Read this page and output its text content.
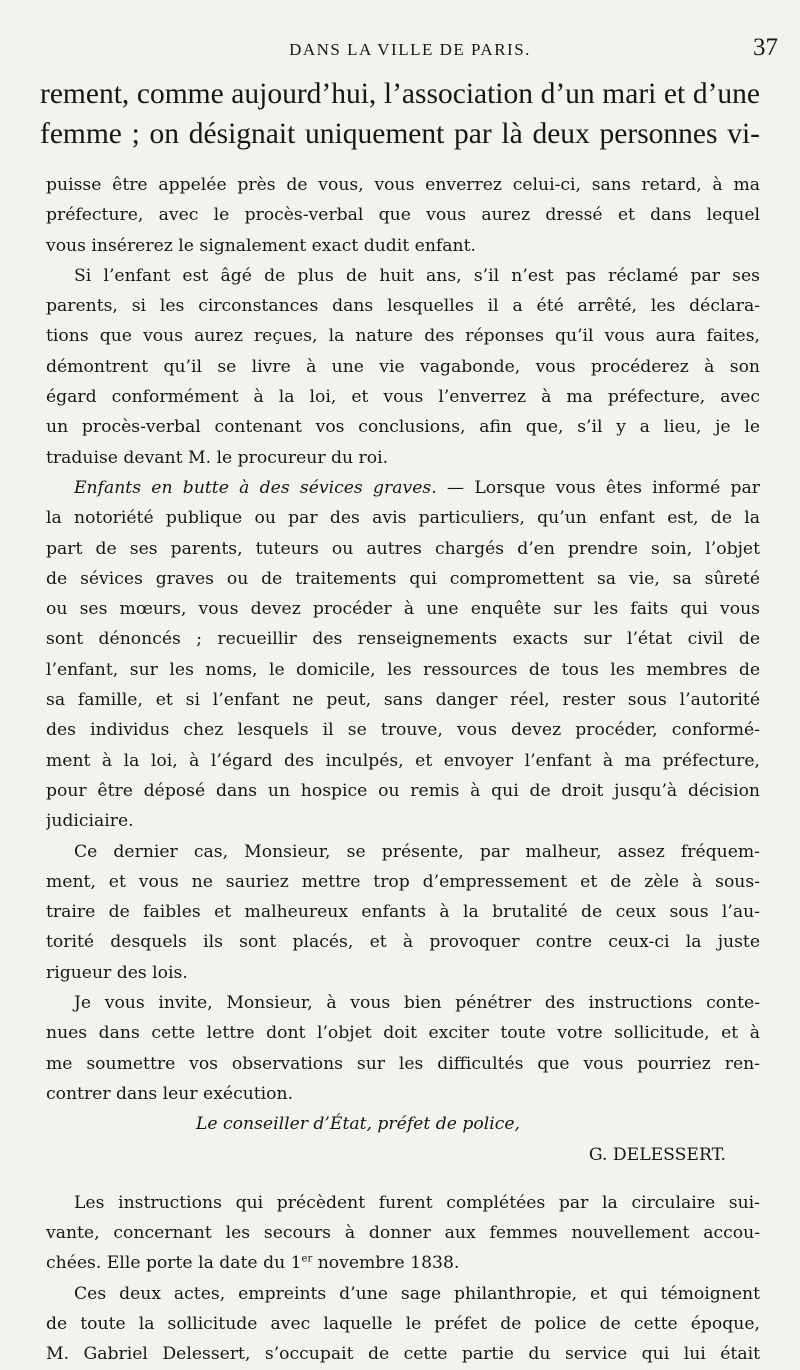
DANS LA VILLE DE PARIS.	37
rement, comme aujourd’hui, l’association d’un mari et d’une
femme ; on désignait uniquement par là deux personnes vi-
puisse être appelée près de vous, vous enverrez celui-ci, sans retard, à ma
préfecture, avec le procès-verbal que vous aurez dressé et dans lequel
vous insérerez le signalement exact dudit enfant.
Si l’enfant est âgé de plus de huit ans, s’il n’est pas réclamé par ses
parents, si les circonstances dans lesquelles il a été arrêté, les déclara-
tions que vous aurez reçues, la nature des réponses qu’il vous aura faites,
démontrent qu’il se livre à une vie vagabonde, vous procéderez à son
égard conformément à la loi, et vous l’enverrez à ma préfecture, avec
un procès-verbal contenant vos conclusions, afin que, s’il y a lieu, je le
traduise devant M. le procureur du roi.
Enfants en butte à des sévices graves. — Lorsque vous êtes informé par
la notoriété publique ou par des avis particuliers, qu’un enfant est, de la
part de ses parents, tuteurs ou autres chargés d’en prendre soin, l’objet
de sévices graves ou de traitements qui compromettent sa vie, sa sûreté
ou ses mœurs, vous devez procéder à une enquête sur les faits qui vous
sont dénoncés ; recueillir des renseignements exacts sur l’état civil de
l’enfant, sur les noms, le domicile, les ressources de tous les membres de
sa famille, et si l’enfant ne peut, sans danger réel, rester sous l’autorité
des individus chez lesquels il se trouve, vous devez procéder, conformé-
ment à la loi, à l’égard des inculpés, et envoyer l’enfant à ma préfecture,
pour être déposé dans un hospice ou remis à qui de droit jusqu’à décision
judiciaire.
Ce dernier cas, Monsieur, se présente, par malheur, assez fréquem-
ment, et vous ne sauriez mettre trop d’empressement et de zèle à sous-
traire de faibles et malheureux enfants à la brutalité de ceux sous l’au-
torité desquels ils sont placés, et à provoquer contre ceux-ci la juste
rigueur des lois.
Je vous invite, Monsieur, à vous bien pénétrer des instructions conte-
nues dans cette lettre dont l’objet doit exciter toute votre sollicitude, et à
me soumettre vos observations sur les difficultés que vous pourriez ren-
contrer dans leur exécution.
Le conseiller d’État, préfet de police,
G. DELESSERT.
Les instructions qui précèdent furent complétées par la circulaire sui-
vante, concernant les secours à donner aux femmes nouvellement accou-
chées. Elle porte la date du 1er novembre 1838.
Ces deux actes, empreints d’une sage philanthropie, et qui témoignent
de toute la sollicitude avec laquelle le préfet de police de cette époque,
M. Gabriel Delessert, s’occupait de cette partie du service qui lui était
